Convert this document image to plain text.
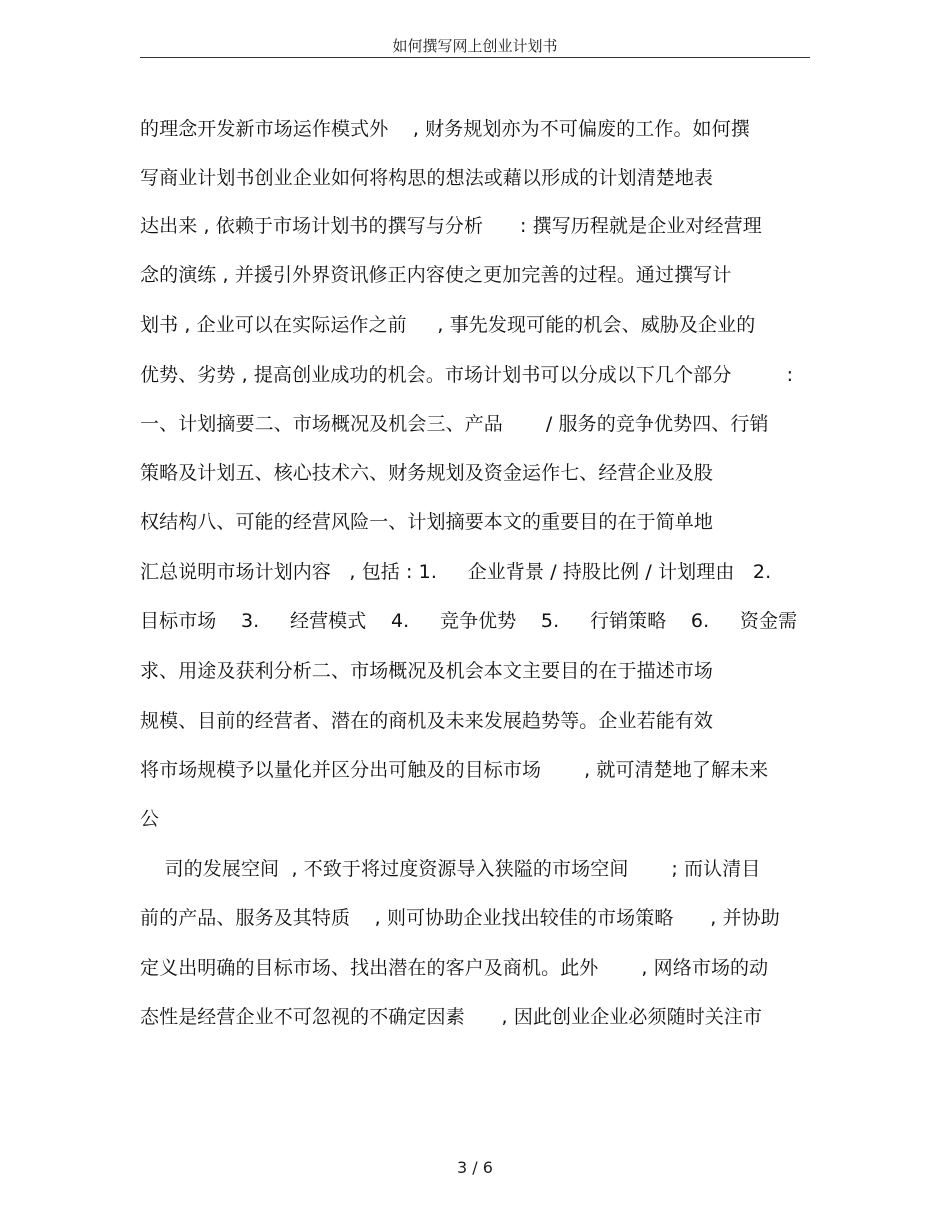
如何撰写网上创业计划书
的理念开发新市场运作模式外    , 财务规划亦为不可偏废的工作。如何撰
写商业计划书创业企业如何将构思的想法或藉以形成的计划清楚地表
达出来 , 依赖于市场计划书的撰写与分析      : 撰写历程就是企业对经营理
念的演练 , 并援引外界资讯修正内容使之更加完善的过程。通过撰写计
划书 , 企业可以在实际运作之前     , 事先发现可能的机会、威胁及企业的
优势、劣势 , 提高创业成功的机会。市场计划书可以分成以下几个部分         :
一、计划摘要二、市场概况及机会三、产品       / 服务的竞争优势四、行销
策略及计划五、核心技术六、财务规划及资金运作七、经营企业及股
权结构八、可能的经营风险一、计划摘要本文的重要目的在于简单地
汇总说明市场计划内容   , 包括 : 1.     企业背景 / 持股比例 / 计划理由   2.
目标市场    3.     经营模式    4.     竞争优势    5.     行销策略    6.     资金需
求、用途及获利分析二、市场概况及机会本文主要目的在于描述市场
规模、目前的经营者、潜在的商机及未来发展趋势等。企业若能有效
将市场规模予以量化并区分出可触及的目标市场       , 就可清楚地了解未来
公
司的发展空间  , 不致于将过度资源导入狭隘的市场空间       ; 而认清目
前的产品、服务及其特质    , 则可协助企业找出较佳的市场策略      , 并协助
定义出明确的目标市场、找出潜在的客户及商机。此外       , 网络市场的动
态性是经营企业不可忽视的不确定因素      , 因此创业企业必须随时关注市
3 / 6
